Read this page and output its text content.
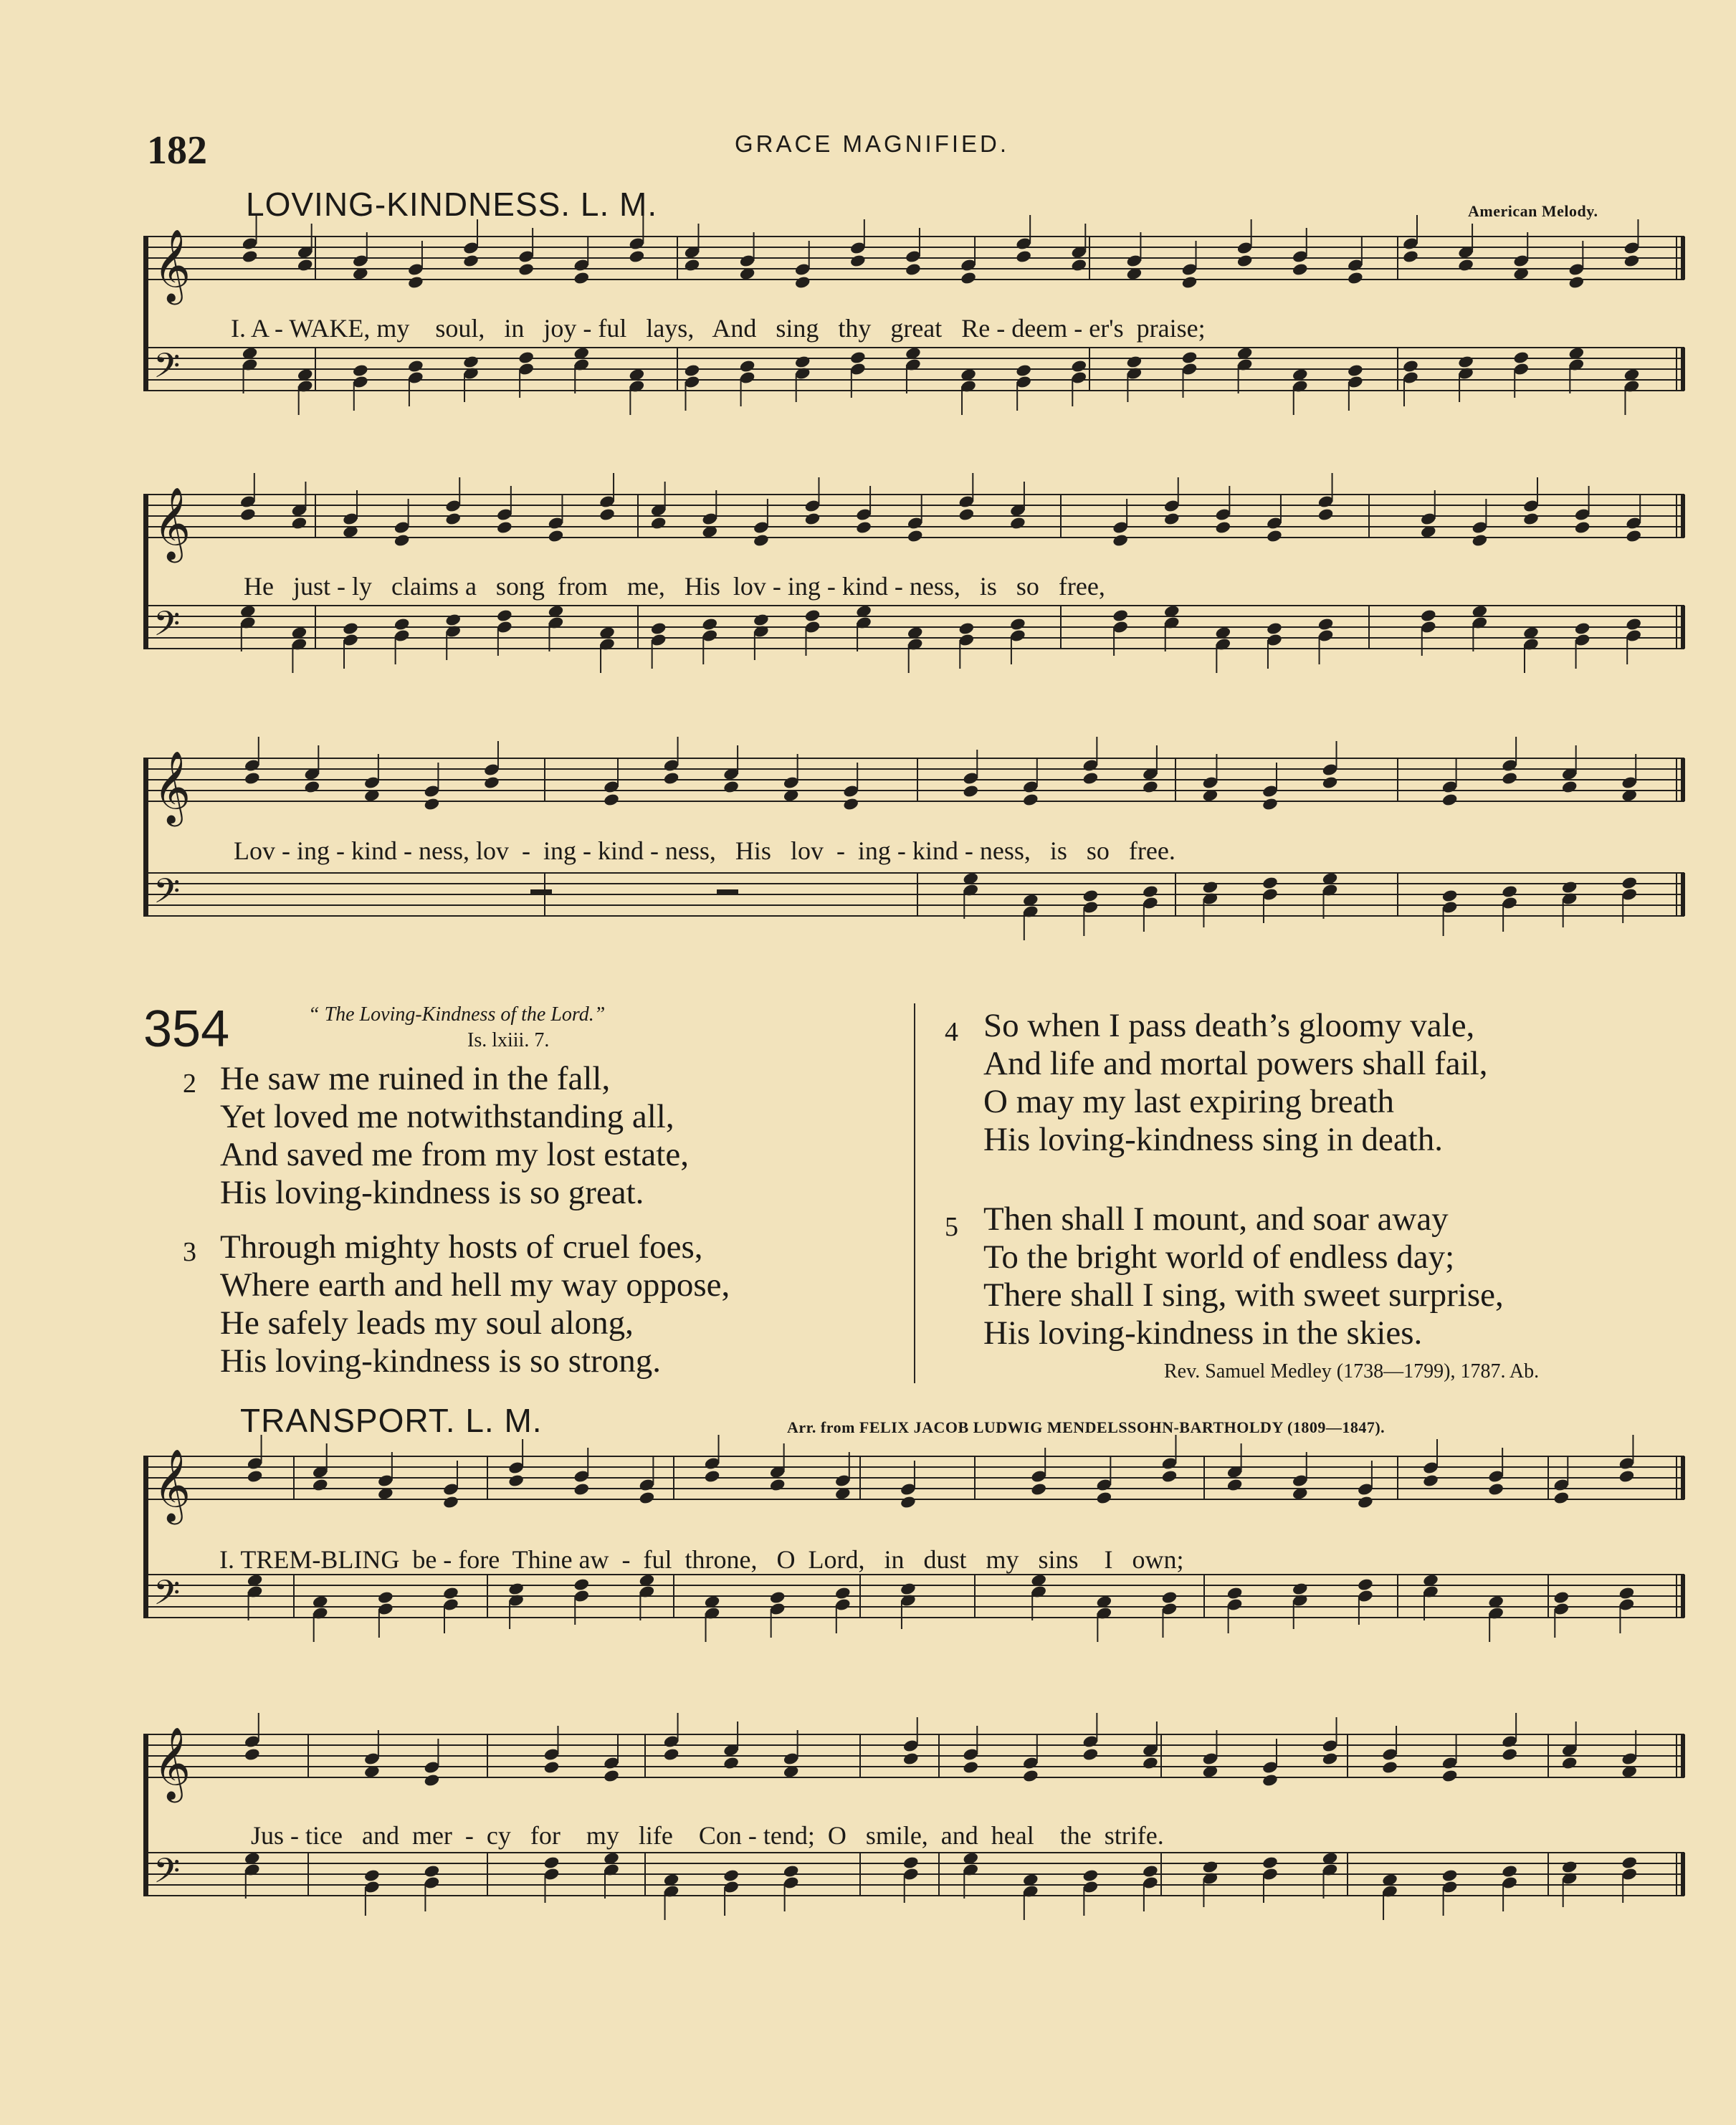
182	GRACE MAGNIFIED.
LOVING-KINDNESS. L. M.	American Melody.
𝄞
𝄢
I. A - WAKE, my    soul,   in   joy - ful   lays,   And   sing   thy   great   Re - deem - er's  praise;
𝄞
𝄢
He   just - ly   claims a   song  from   me,   His  lov - ing - kind - ness,   is   so   free,
𝄞
𝄢
Lov - ing - kind - ness, lov  -  ing - kind - ness,   His   lov  -  ing - kind - ness,   is   so   free.
354	“ The Loving-Kindness of the Lord.”
Is. lxiii. 7.
2 He saw me ruined in the fall,
Yet loved me notwithstanding all,
And saved me from my lost estate,
His loving-kindness is so great.
3 Through mighty hosts of cruel foes,
Where earth and hell my way oppose,
He safely leads my soul along,
His loving-kindness is so strong.
4 So when I pass death’s gloomy vale,
And life and mortal powers shall fail,
O may my last expiring breath
His loving-kindness sing in death.
5 Then shall I mount, and soar away
To the bright world of endless day;
There shall I sing, with sweet surprise,
His loving-kindness in the skies.
Rev. Samuel Medley (1738—1799), 1787. Ab.
TRANSPORT. L. M.	Arr. from FELIX JACOB LUDWIG MENDELSSOHN-BARTHOLDY (1809—1847).
𝄞
𝄢
I. TREM-BLING  be - fore  Thine aw  -  ful  throne,   O  Lord,   in   dust   my   sins    I   own;
𝄞
𝄢
Jus - tice   and  mer  -  cy   for    my   life    Con - tend;  O   smile,  and  heal    the  strife.
